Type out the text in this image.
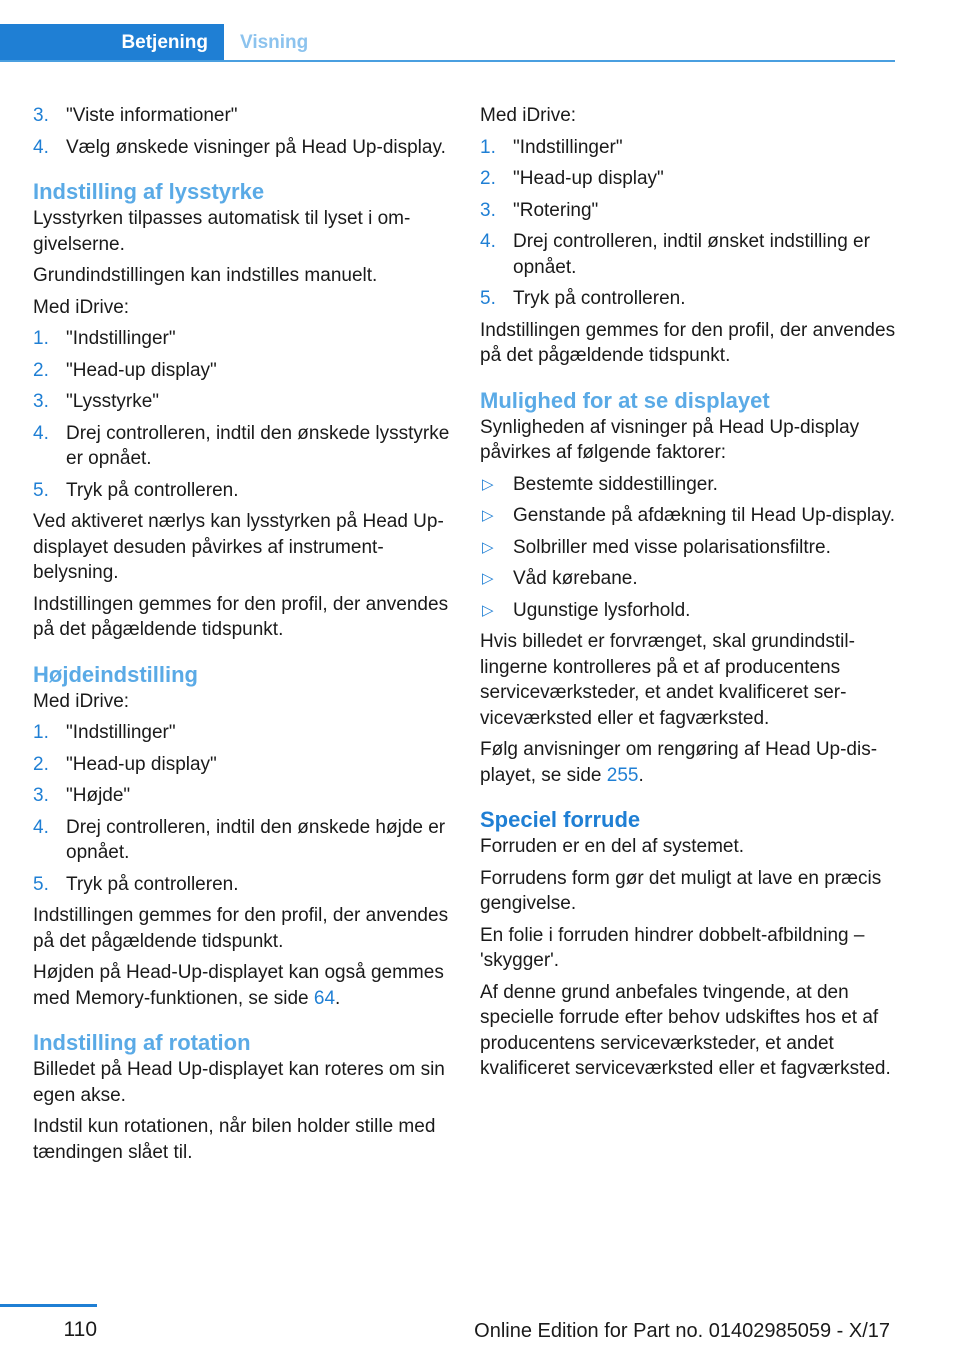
Betjening	Visning
3. "Viste informationer"
4. Vælg ønskede visninger på Head Up-display.
Indstilling af lysstyrke

Lysstyrken tilpasses automatisk til lyset i omgivelserne.

Grundindstillingen kan indstilles manuelt.

Med iDrive:

1. "Indstillinger"
2. "Head-up display"
3. "Lysstyrke"
4. Drej controlleren, indtil den ønskede lysstyrke er opnået.
5. Tryk på controlleren.

Ved aktiveret nærlys kan lysstyrken på Head Up-displayet desuden påvirkes af instrumentbelysning.

Indstillingen gemmes for den profil, der anvendes på det pågældende tidspunkt.

Højdeindstilling

Med iDrive:

1. "Indstillinger"
2. "Head-up display"
3. "Højde"
4. Drej controlleren, indtil den ønskede højde er opnået.
5. Tryk på controlleren.

Indstillingen gemmes for den profil, der anvendes på det pågældende tidspunkt.

Højden på Head-Up-displayet kan også gemmes med Memory-funktionen, se side 64.

Indstilling af rotation

Billedet på Head Up-displayet kan roteres om sin egen akse.

Indstil kun rotationen, når bilen holder stille med tændingen slået til.

Med iDrive:

1. "Indstillinger"
2. "Head-up display"
3. "Rotering"
4. Drej controlleren, indtil ønsket indstilling er opnået.
5. Tryk på controlleren.

Indstillingen gemmes for den profil, der anvendes på det pågældende tidspunkt.

Mulighed for at se displayet

Synligheden af visninger på Head Up-display påvirkes af følgende faktorer:

▷ Bestemte siddestillinger.
▷ Genstande på afdækning til Head Up-display.
▷ Solbriller med visse polarisationsfiltre.
▷ Våd kørebane.
▷ Ugunstige lysforhold.

Hvis billedet er forvrænget, skal grundindstillingerne kontrolleres på et af producentens serviceværksteder, et andet kvalificeret serviceværksted eller et fagværksted.

Følg anvisninger om rengøring af Head Up-displayet, se side 255.

Speciel forrude

Forruden er en del af systemet.

Forrudens form gør det muligt at lave en præcis gengivelse.

En folie i forruden hindrer dobbelt-afbildning – 'skygger'.

Af denne grund anbefales tvingende, at den specielle forrude efter behov udskiftes hos et af producentens serviceværksteder, et andet kvalificeret serviceværksted eller et fagværksted.

110	Online Edition for Part no. 01402985059 - X/17
